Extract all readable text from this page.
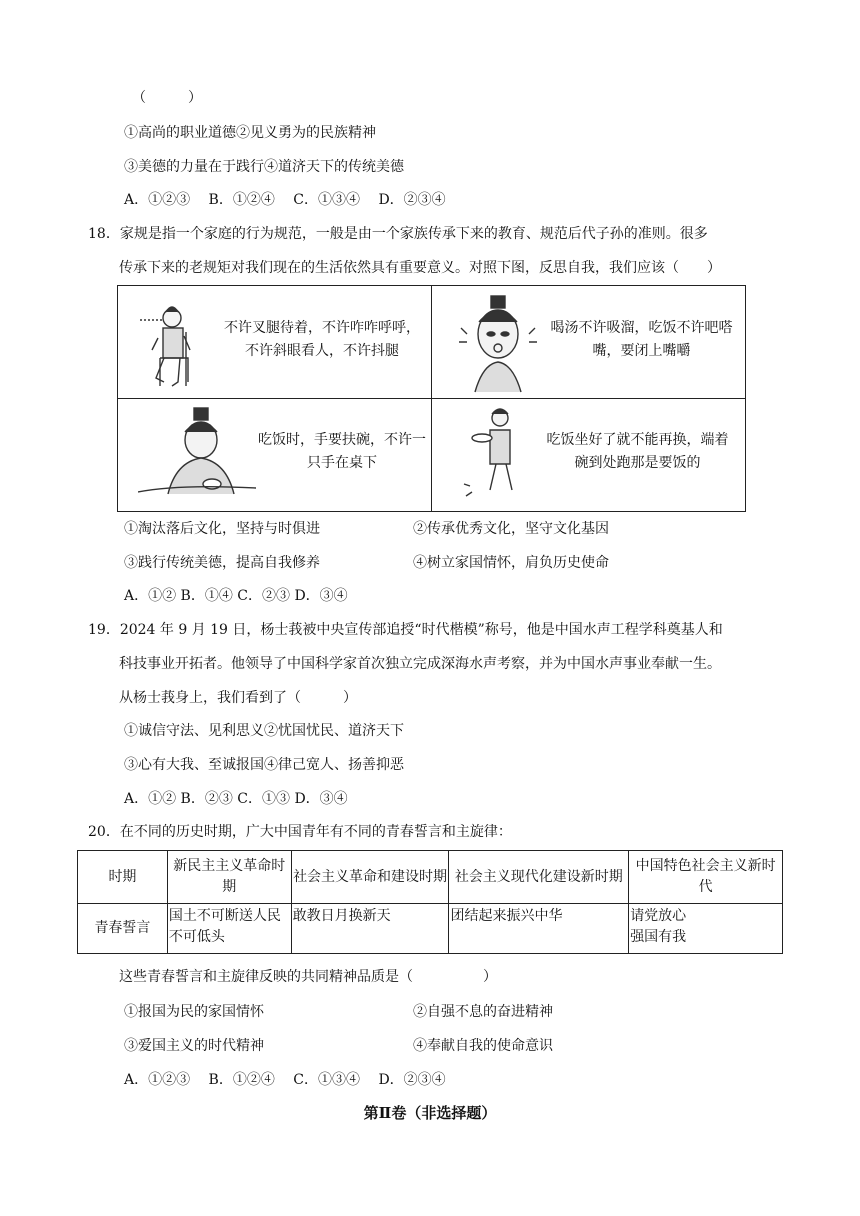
（　　　）
①高尚的职业道德②见义勇为的民族精神
③美德的力量在于践行④道济天下的传统美德
A．①②③　 B．①②④　 C．①③④　 D．②③④
18．家规是指一个家庭的行为规范，一般是由一个家族传承下来的教育、规范后代子孙的准则。很多
传承下来的老规矩对我们现在的生活依然具有重要意义。对照下图，反思自我，我们应该（　　）
不许叉腿待着，不许咋咋呼呼，
不许斜眼看人，不许抖腿
喝汤不许吸溜，吃饭不许吧嗒
嘴，要闭上嘴嚼
吃饭时，手要扶碗，不许一
只手在桌下
吃饭坐好了就不能再换，端着
碗到处跑那是要饭的
①淘汰落后文化，坚持与时俱进	②传承优秀文化，坚守文化基因
③践行传统美德，提高自我修养	④树立家国情怀，肩负历史使命
A．①② B．①④ C．②③ D．③④
19．2024 年 9 月 19 日，杨士莪被中央宣传部追授“时代楷模”称号，他是中国水声工程学科奠基人和
科技事业开拓者。他领导了中国科学家首次独立完成深海水声考察，并为中国水声事业奉献一生。
从杨士莪身上，我们看到了（　　　）
①诚信守法、见利思义②忧国忧民、道济天下
③心有大我、至诚报国④律己宽人、扬善抑恶
A．①② B．②③ C．①③ D．③④
20．在不同的历史时期，广大中国青年有不同的青春誓言和主旋律：
时期	新民主主义革命时期	社会主义革命和建设时期	社会主义现代化建设新时期	中国特色社会主义新时代
青春誓言	国土不可断送人民不可低头	敢教日月换新天	团结起来振兴中华	请党放心
强国有我
这些青春誓言和主旋律反映的共同精神品质是（　　　　　）
①报国为民的家国情怀	②自强不息的奋进精神
③爱国主义的时代精神	④奉献自我的使命意识
A．①②③　 B．①②④　 C．①③④　 D．②③④
第Ⅱ卷（非选择题）
